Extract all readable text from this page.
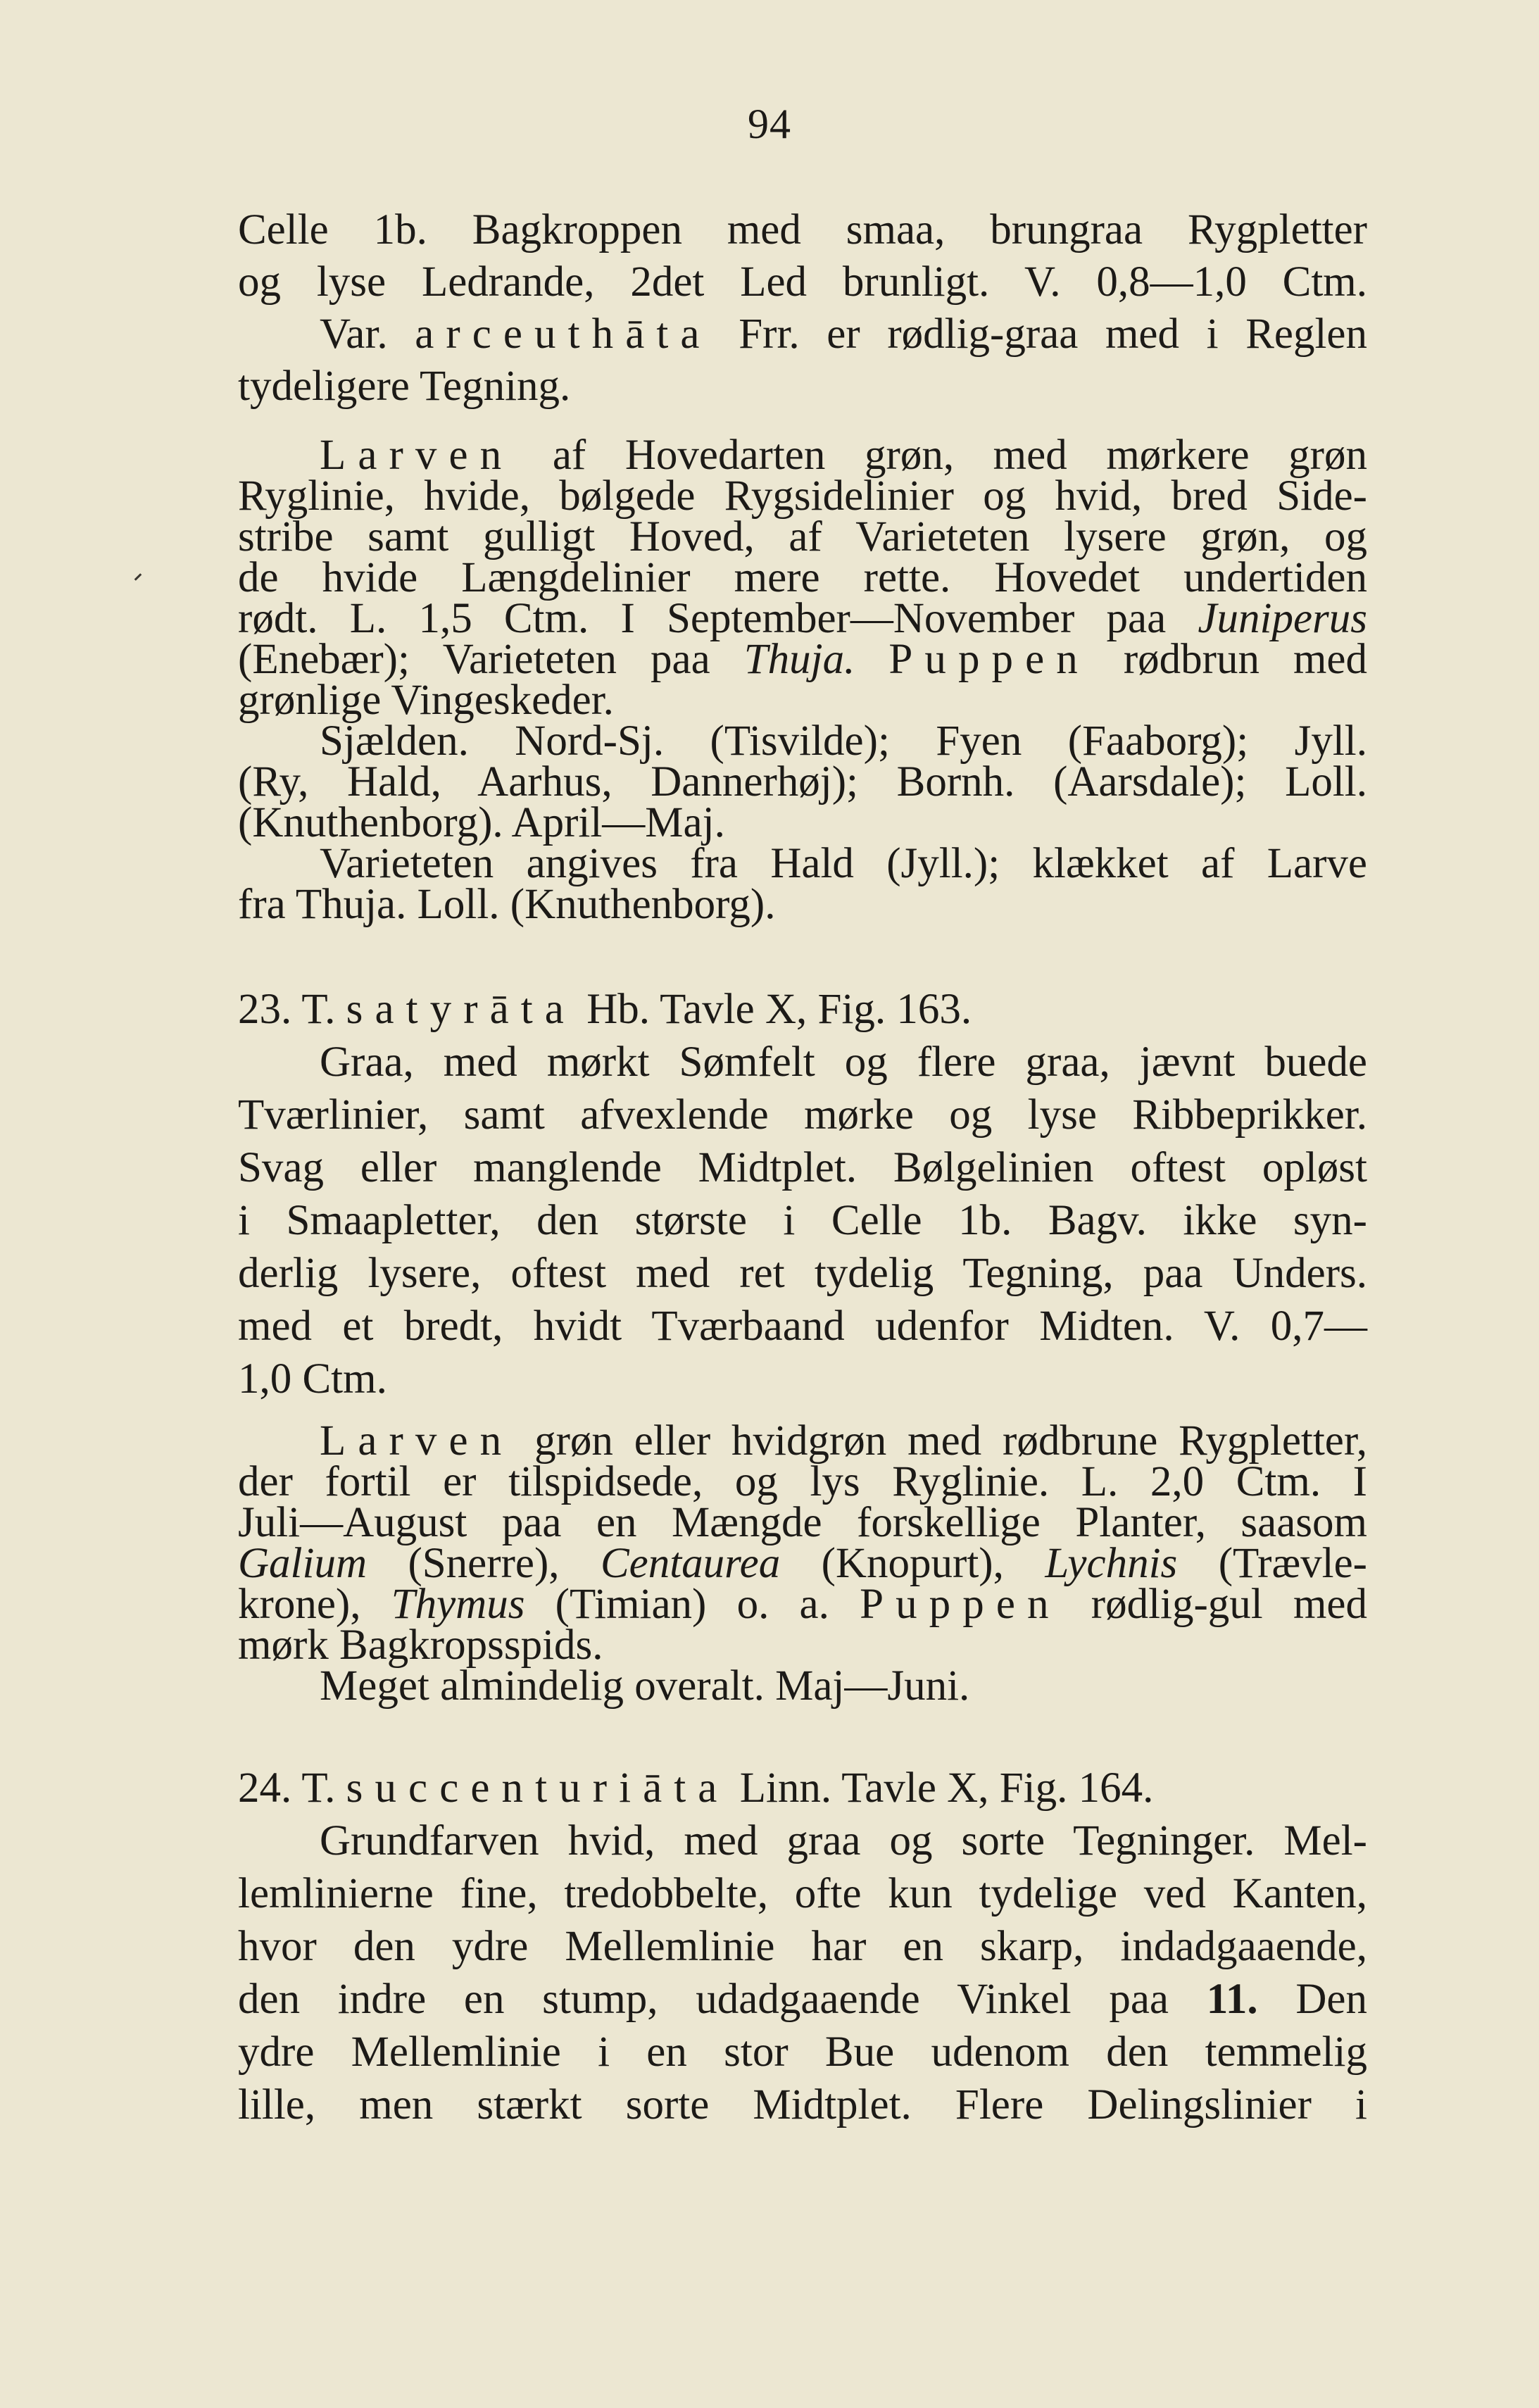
94
Celle 1b. Bagkroppen med smaa, brungraa Rygpletter
og lyse Ledrande, 2det Led brunligt. V. 0,8—1,0 Ctm.
Var. arceuthāta Frr. er rødlig-graa med i Reglen
tydeligere Tegning.
Larven af Hovedarten grøn, med mørkere grøn
Ryglinie, hvide, bølgede Rygsidelinier og hvid, bred Side-
stribe samt gulligt Hoved, af Varieteten lysere grøn, og
de hvide Længdelinier mere rette. Hovedet undertiden
rødt. L. 1,5 Ctm. I September—November paa Juniperus
(Enebær); Varieteten paa Thuja. Puppen rødbrun med
grønlige Vingeskeder.
Sjælden. Nord-Sj. (Tisvilde); Fyen (Faaborg); Jyll.
(Ry, Hald, Aarhus, Dannerhøj); Bornh. (Aarsdale); Loll.
(Knuthenborg). April—Maj.
Varieteten angives fra Hald (Jyll.); klækket af Larve
fra Thuja. Loll. (Knuthenborg).
23. T. satyrāta Hb. Tavle X, Fig. 163.
Graa, med mørkt Sømfelt og flere graa, jævnt buede
Tværlinier, samt afvexlende mørke og lyse Ribbeprikker.
Svag eller manglende Midtplet. Bølgelinien oftest opløst
i Smaapletter, den største i Celle 1b. Bagv. ikke syn-
derlig lysere, oftest med ret tydelig Tegning, paa Unders.
med et bredt, hvidt Tværbaand udenfor Midten. V. 0,7—
1,0 Ctm.
Larven grøn eller hvidgrøn med rødbrune Rygpletter,
der fortil er tilspidsede, og lys Ryglinie. L. 2,0 Ctm. I
Juli—August paa en Mængde forskellige Planter, saasom
Galium (Snerre), Centaurea (Knopurt), Lychnis (Trævle-
krone), Thymus (Timian) o. a. Puppen rødlig-gul med
mørk Bagkropsspids.
Meget almindelig overalt. Maj—Juni.
24. T. succenturiāta Linn. Tavle X, Fig. 164.
Grundfarven hvid, med graa og sorte Tegninger. Mel-
lemlinierne fine, tredobbelte, ofte kun tydelige ved Kanten,
hvor den ydre Mellemlinie har en skarp, indadgaaende,
den indre en stump, udadgaaende Vinkel paa 11. Den
ydre Mellemlinie i en stor Bue udenom den temmelig
lille, men stærkt sorte Midtplet. Flere Delingslinier i
